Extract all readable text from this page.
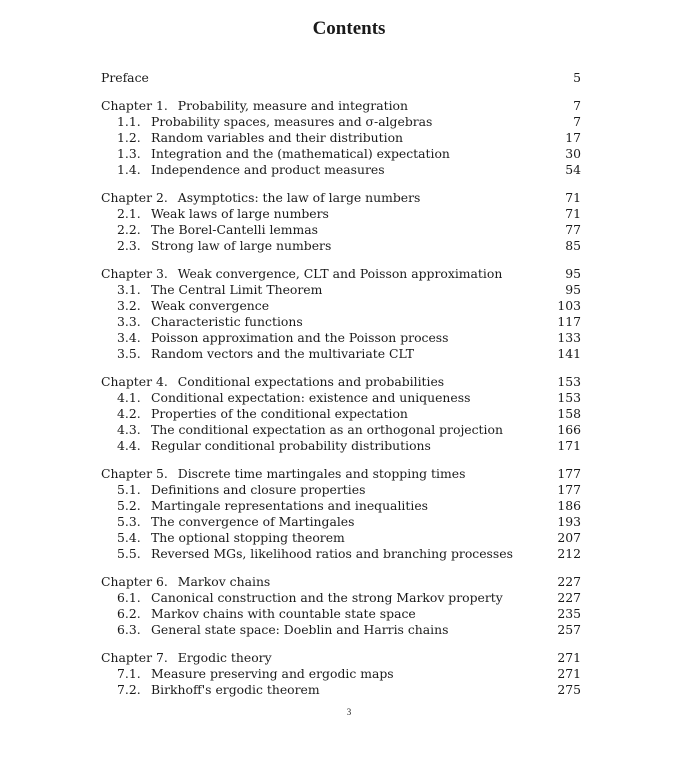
Contents
Preface	5
Chapter 1. Probability, measure and integration	7
1.1. Probability spaces, measures and σ-algebras	7
1.2. Random variables and their distribution	17
1.3. Integration and the (mathematical) expectation	30
1.4. Independence and product measures	54
Chapter 2. Asymptotics: the law of large numbers	71
2.1. Weak laws of large numbers	71
2.2. The Borel-Cantelli lemmas	77
2.3. Strong law of large numbers	85
Chapter 3. Weak convergence, CLT and Poisson approximation	95
3.1. The Central Limit Theorem	95
3.2. Weak convergence	103
3.3. Characteristic functions	117
3.4. Poisson approximation and the Poisson process	133
3.5. Random vectors and the multivariate CLT	141
Chapter 4. Conditional expectations and probabilities	153
4.1. Conditional expectation: existence and uniqueness	153
4.2. Properties of the conditional expectation	158
4.3. The conditional expectation as an orthogonal projection	166
4.4. Regular conditional probability distributions	171
Chapter 5. Discrete time martingales and stopping times	177
5.1. Definitions and closure properties	177
5.2. Martingale representations and inequalities	186
5.3. The convergence of Martingales	193
5.4. The optional stopping theorem	207
5.5. Reversed MGs, likelihood ratios and branching processes	212
Chapter 6. Markov chains	227
6.1. Canonical construction and the strong Markov property	227
6.2. Markov chains with countable state space	235
6.3. General state space: Doeblin and Harris chains	257
Chapter 7. Ergodic theory	271
7.1. Measure preserving and ergodic maps	271
7.2. Birkhoff's ergodic theorem	275
3
